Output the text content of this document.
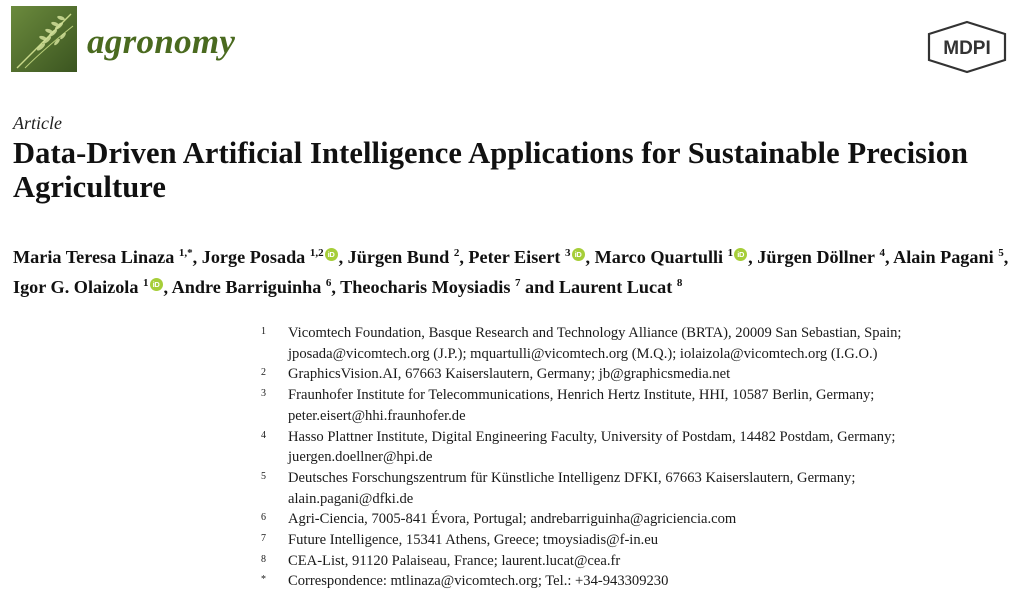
agronomy	MDPI
Article
Data-Driven Artificial Intelligence Applications for Sustainable Precision Agriculture
Maria Teresa Linaza $^{1,*}$, Jorge Posada $^{1,2}$ iD , Jürgen Bund $^2$, Peter Eisert $^3$ iD , Marco Quartulli $^1$ iD , Jürgen Döllner $^4$, Alain Pagani $^5$, Igor G. Olaizola $^1$ iD , Andre Barriguinha $^6$, Theocharis Moysiadis $^7$ and Laurent Lucat $^8$
1 Vicomtech Foundation, Basque Research and Technology Alliance (BRTA), 20009 San Sebastian, Spain;
jposada@vicomtech.org (J.P.); mquartulli@vicomtech.org (M.Q.); iolaizola@vicomtech.org (I.G.O.)
2 GraphicsVision.AI, 67663 Kaiserslautern, Germany; jb@graphicsmedia.net
3 Fraunhofer Institute for Telecommunications, Henrich Hertz Institute, HHI, 10587 Berlin, Germany;
peter.eisert@hhi.fraunhofer.de
4 Hasso Plattner Institute, Digital Engineering Faculty, University of Postdam, 14482 Postdam, Germany;
juergen.doellner@hpi.de
5 Deutsches Forschungszentrum für Künstliche Intelligenz DFKI, 67663 Kaiserslautern, Germany;
alain.pagani@dfki.de
6 Agri-Ciencia, 7005-841 Évora, Portugal; andrebarriguinha@agriciencia.com
7 Future Intelligence, 15341 Athens, Greece; tmoysiadis@f-in.eu
8 CEA-List, 91120 Palaiseau, France; laurent.lucat@cea.fr
* Correspondence: mtlinaza@vicomtech.org; Tel.: +34-943309230
